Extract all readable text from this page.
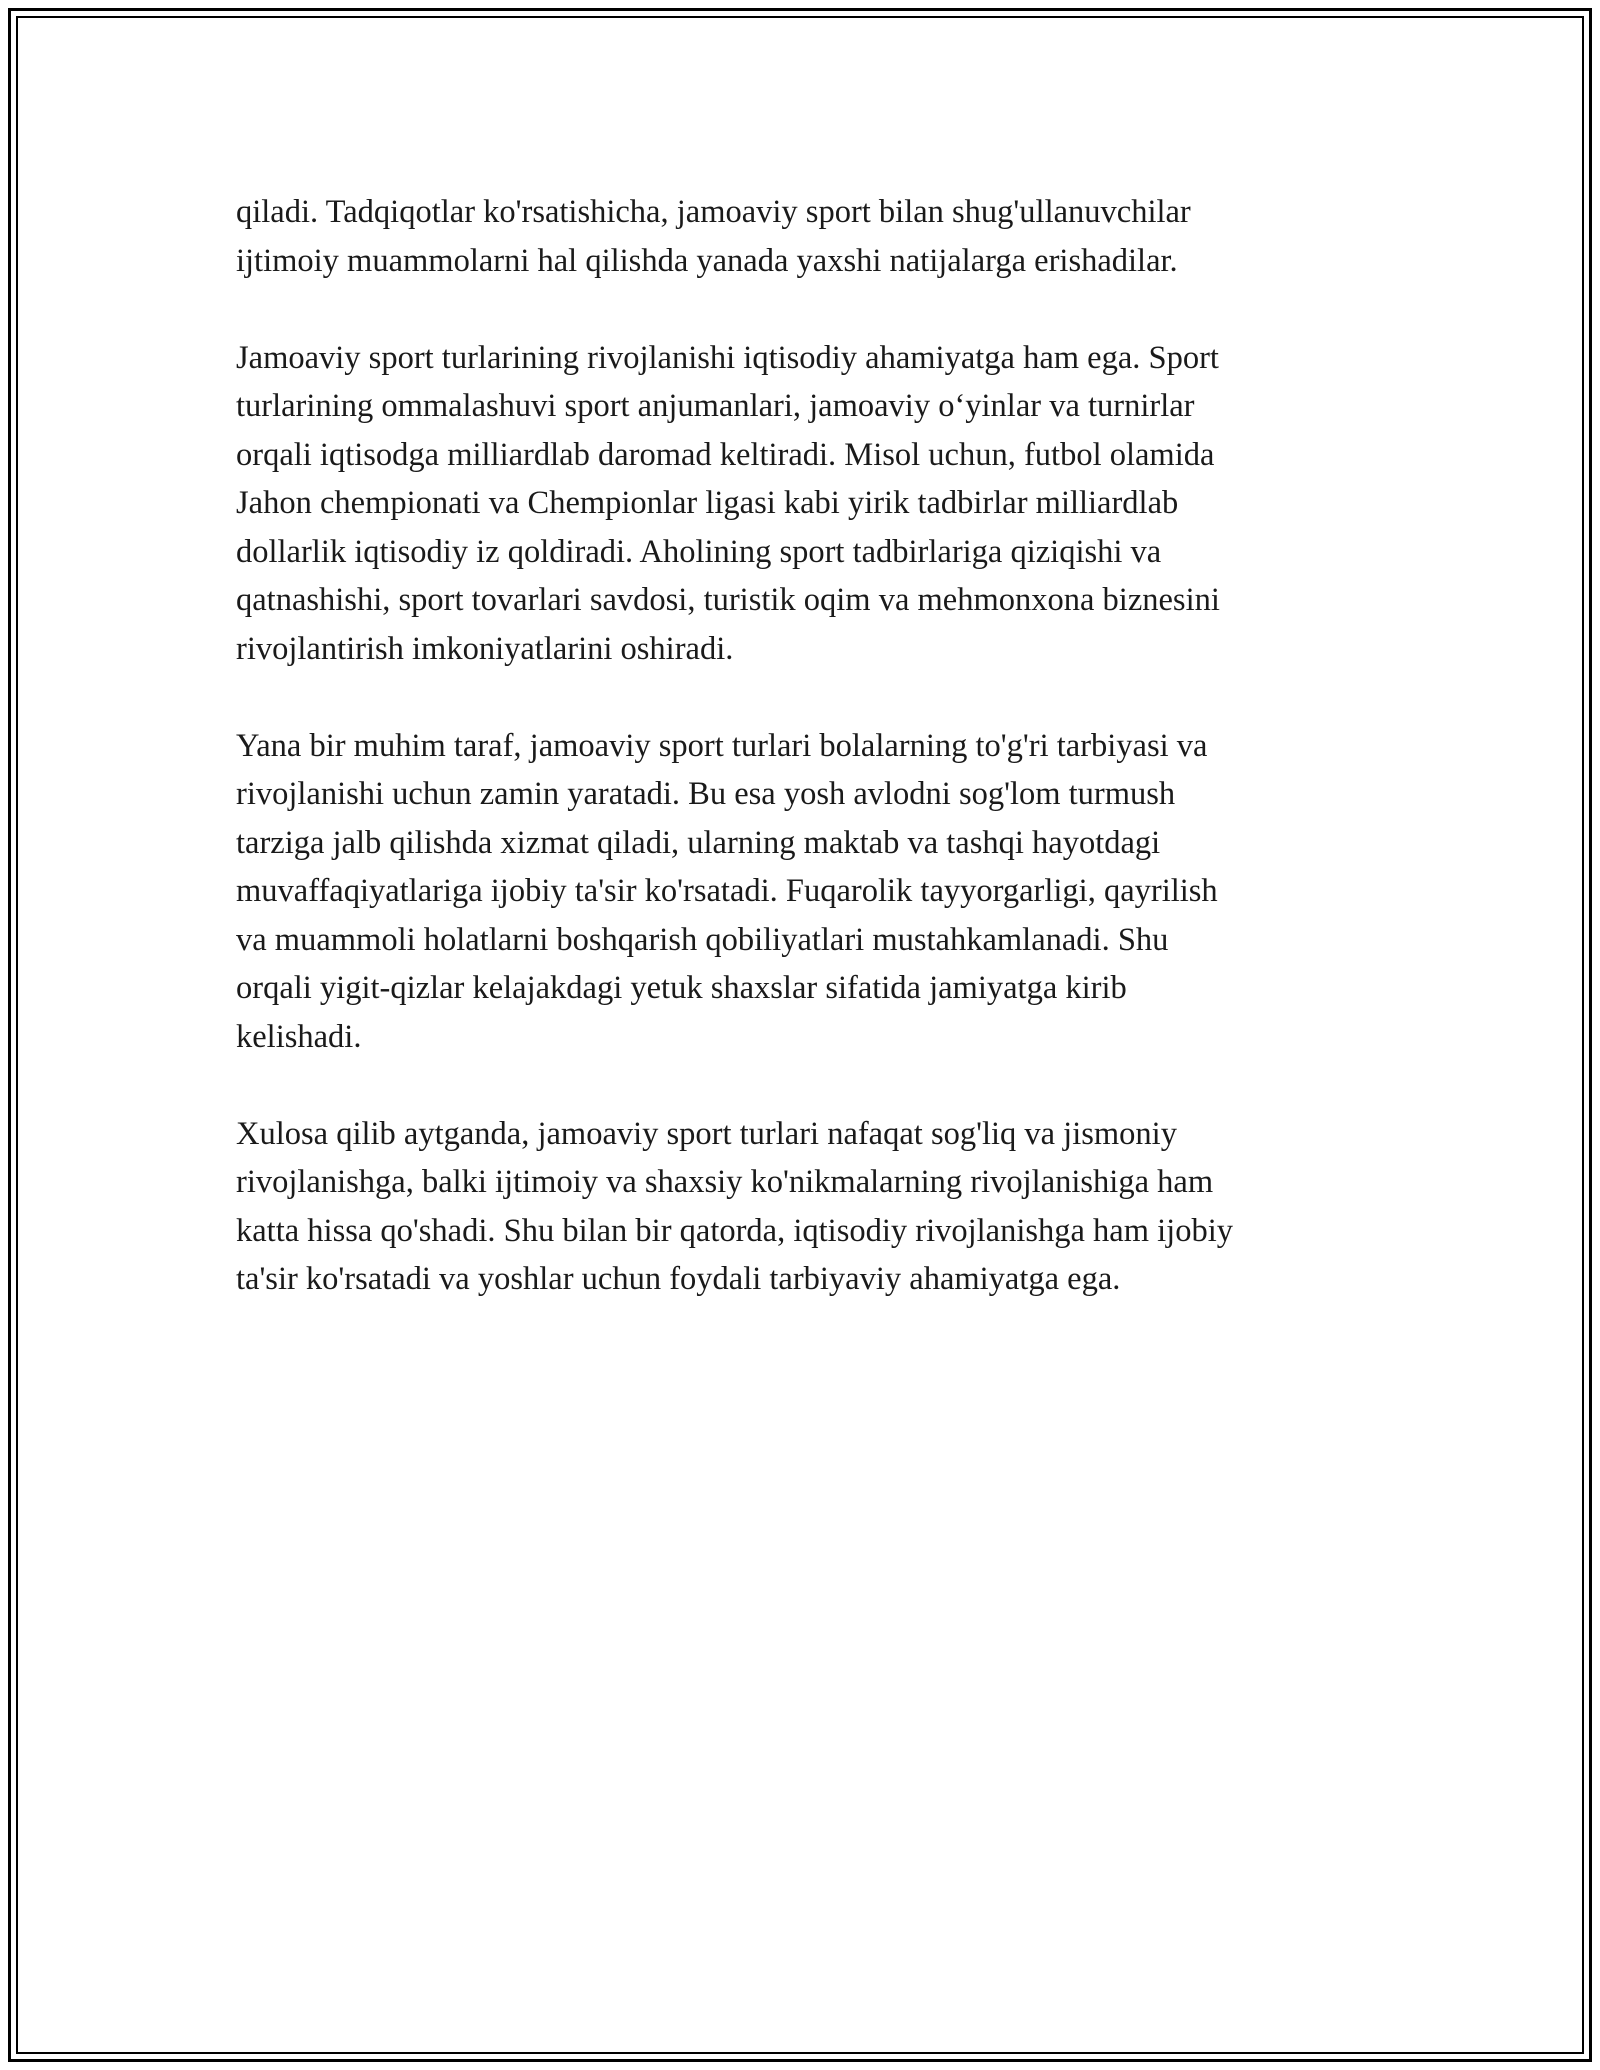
qiladi. Tadqiqotlar ko'rsatishicha, jamoaviy sport bilan shug'ullanuvchilar
ijtimoiy muammolarni hal qilishda yanada yaxshi natijalarga erishadilar.

Jamoaviy sport turlarining rivojlanishi iqtisodiy ahamiyatga ham ega. Sport
turlarining ommalashuvi sport anjumanlari, jamoaviy o‘yinlar va turnirlar
orqali iqtisodga milliardlab daromad keltiradi. Misol uchun, futbol olamida
Jahon chempionati va Chempionlar ligasi kabi yirik tadbirlar milliardlab
dollarlik iqtisodiy iz qoldiradi. Aholining sport tadbirlariga qiziqishi va
qatnashishi, sport tovarlari savdosi, turistik oqim va mehmonxona biznesini
rivojlantirish imkoniyatlarini oshiradi.

Yana bir muhim taraf, jamoaviy sport turlari bolalarning to'g'ri tarbiyasi va
rivojlanishi uchun zamin yaratadi. Bu esa yosh avlodni sog'lom turmush
tarziga jalb qilishda xizmat qiladi, ularning maktab va tashqi hayotdagi
muvaffaqiyatlariga ijobiy ta'sir ko'rsatadi. Fuqarolik tayyorgarligi, qayrilish
va muammoli holatlarni boshqarish qobiliyatlari mustahkamlanadi. Shu
orqali yigit-qizlar kelajakdagi yetuk shaxslar sifatida jamiyatga kirib
kelishadi.

Xulosa qilib aytganda, jamoaviy sport turlari nafaqat sog'liq va jismoniy
rivojlanishga, balki ijtimoiy va shaxsiy ko'nikmalarning rivojlanishiga ham
katta hissa qo'shadi. Shu bilan bir qatorda, iqtisodiy rivojlanishga ham ijobiy
ta'sir ko'rsatadi va yoshlar uchun foydali tarbiyaviy ahamiyatga ega.
